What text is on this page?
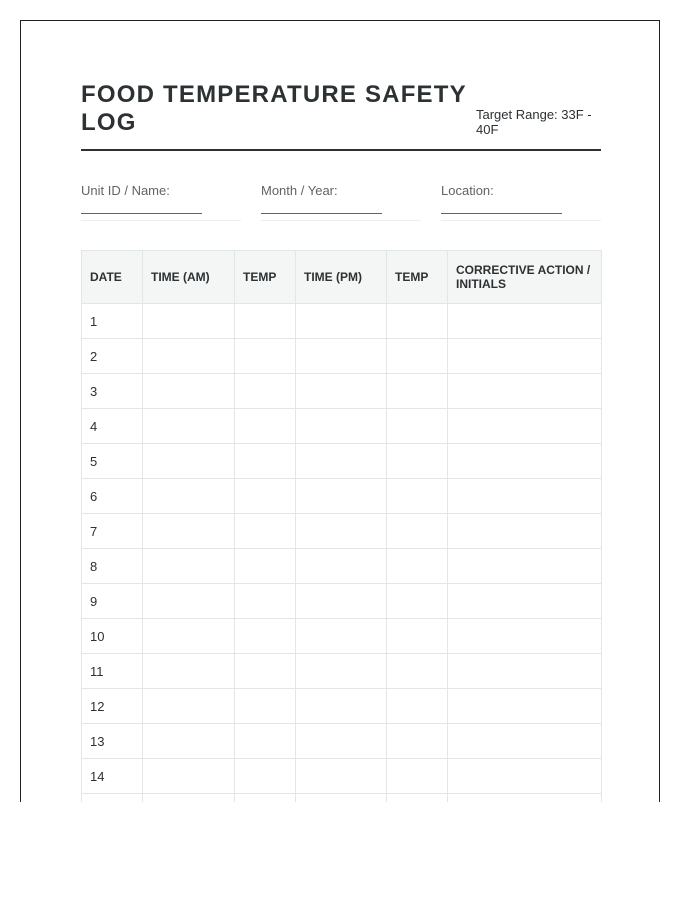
FOOD TEMPERATURE SAFETY LOG	Target Range: 33F - 40F
Unit ID / Name:	Month / Year:	Location:
DATE	TIME (AM)	TEMP	TIME (PM)	TEMP	CORRECTIVE ACTION / INITIALS
1					
2					
3					
4					
5					
6					
7					
8					
9					
10					
11					
12					
13					
14					
